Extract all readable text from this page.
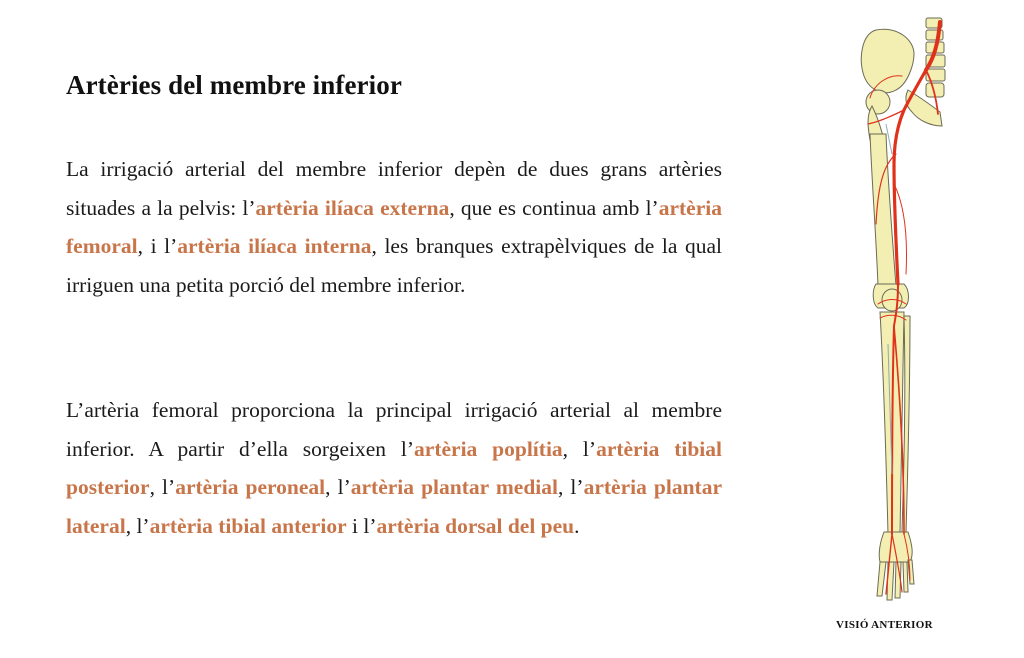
Artèries del membre inferior

La irrigació arterial del membre inferior depèn de dues grans artèries situades a la pelvis: l’artèria ilíaca externa, que es continua amb l’artèria femoral, i l’artèria ilíaca interna, les branques extrapèlviques de la qual irriguen una petita porció del membre inferior.

L’artèria femoral proporciona la principal irrigació arterial al membre inferior. A partir d’ella sorgeixen l’artèria poplítia, l’artèria tibial posterior, l’artèria peroneal, l’artèria plantar medial, l’artèria plantar lateral, l’artèria tibial anterior i l’artèria dorsal del peu.

VISIÓ ANTERIOR
